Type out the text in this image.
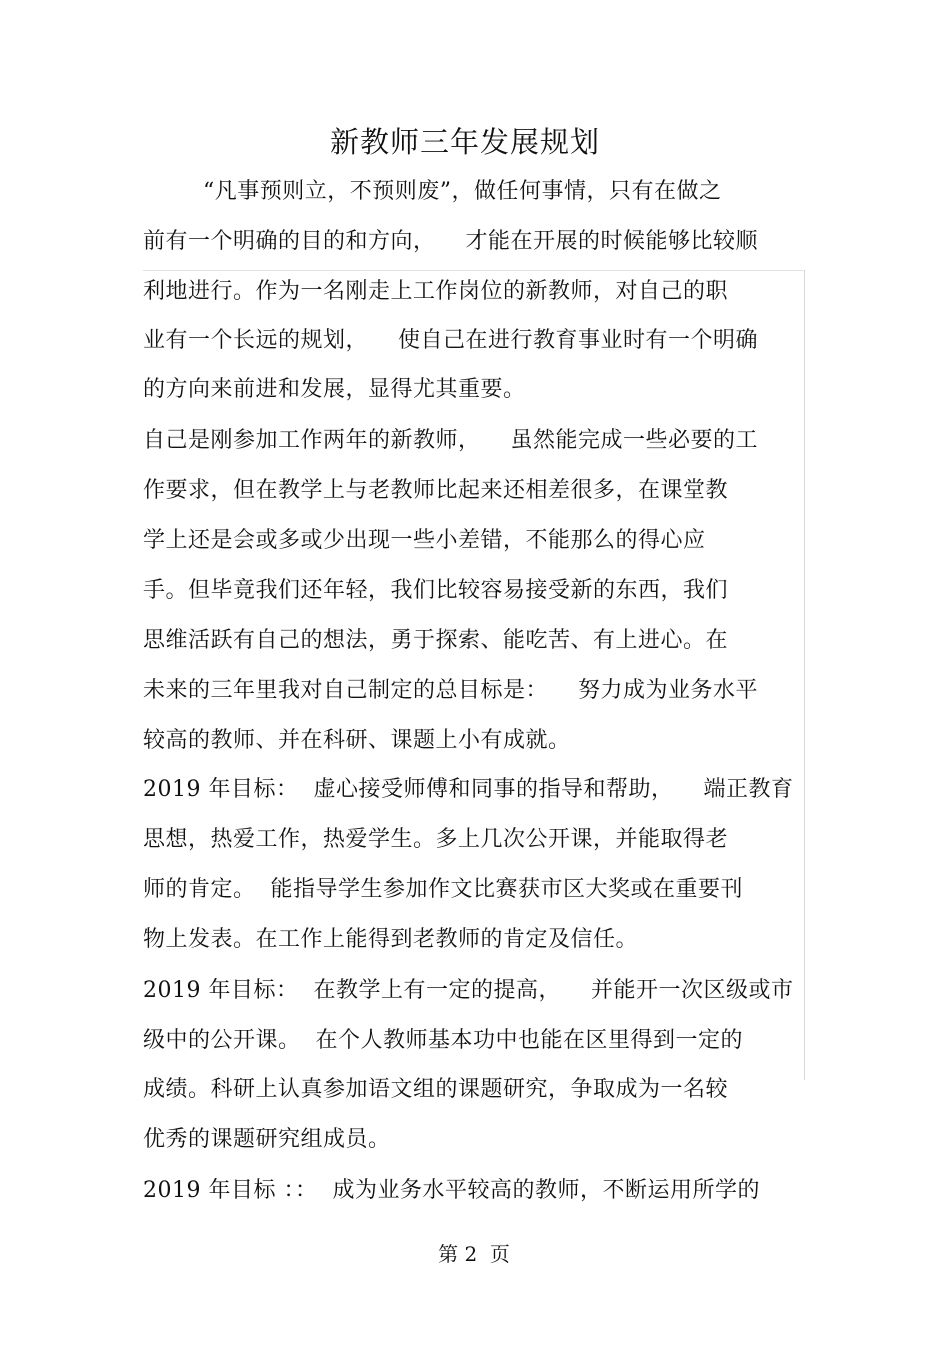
新教师三年发展规划
“凡事预则立，不预则废”，做任何事情，只有在做之
前有一个明确的目的和方向，    才能在开展的时候能够比较顺
利地进行。作为一名刚走上工作岗位的新教师，对自己的职
业有一个长远的规划，    使自己在进行教育事业时有一个明确
的方向来前进和发展，显得尤其重要。
自己是刚参加工作两年的新教师，    虽然能完成一些必要的工
作要求，但在教学上与老教师比起来还相差很多，在课堂教
学上还是会或多或少出现一些小差错，不能那么的得心应
手。但毕竟我们还年轻，我们比较容易接受新的东西，我们
思维活跃有自己的想法，勇于探索、能吃苦、有上进心。在
未来的三年里我对自己制定的总目标是：    努力成为业务水平
较高的教师、并在科研、课题上小有成就。
2019 年目标：  虚心接受师傅和同事的指导和帮助，    端正教育
思想，热爱工作，热爱学生。多上几次公开课，并能取得老
师的肯定。  能指导学生参加作文比赛获市区大奖或在重要刊
物上发表。在工作上能得到老教师的肯定及信任。
2019 年目标：  在教学上有一定的提高，    并能开一次区级或市
级中的公开课。  在个人教师基本功中也能在区里得到一定的
成绩。科研上认真参加语文组的课题研究，争取成为一名较
优秀的课题研究组成员。
2019 年目标 ：：  成为业务水平较高的教师，不断运用所学的
第 2  页
